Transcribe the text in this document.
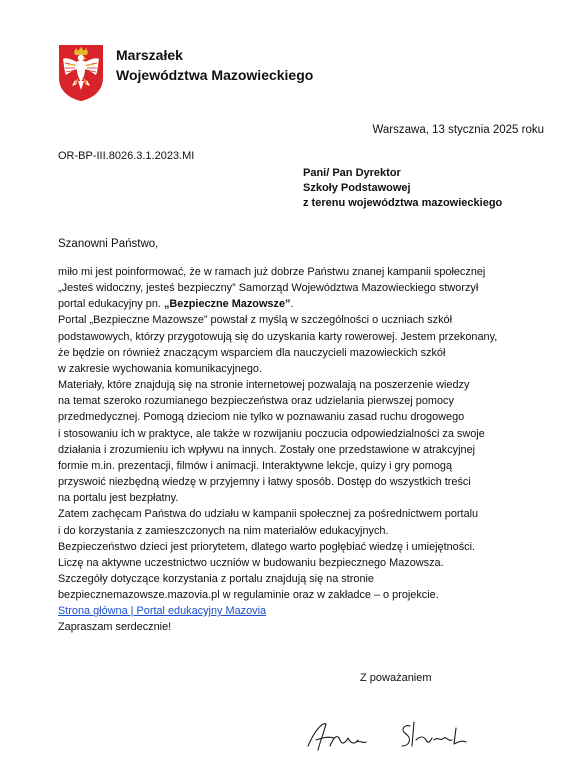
Marszałek
Województwa Mazowieckiego
Warszawa, 13 stycznia 2025 roku
OR-BP-III.8026.3.1.2023.MI
Pani/ Pan Dyrektor
Szkoły Podstawowej
z terenu województwa mazowieckiego
Szanowni Państwo,
miło mi jest poinformować, że w ramach już dobrze Państwu znanej kampanii społecznej
„Jesteś widoczny, jesteś bezpieczny” Samorząd Województwa Mazowieckiego stworzył
portal edukacyjny pn. „Bezpieczne Mazowsze”.
Portal „Bezpieczne Mazowsze” powstał z myślą w szczególności o uczniach szkół
podstawowych, którzy przygotowują się do uzyskania karty rowerowej. Jestem przekonany,
że będzie on również znaczącym wsparciem dla nauczycieli mazowieckich szkół
w zakresie wychowania komunikacyjnego.
Materiały, które znajdują się na stronie internetowej pozwalają na poszerzenie wiedzy
na temat szeroko rozumianego bezpieczeństwa oraz udzielania pierwszej pomocy
przedmedycznej. Pomogą dzieciom nie tylko w poznawaniu zasad ruchu drogowego
i stosowaniu ich w praktyce, ale także w rozwijaniu poczucia odpowiedzialności za swoje
działania i zrozumieniu ich wpływu na innych. Zostały one przedstawione w atrakcyjnej
formie m.in. prezentacji, filmów i animacji. Interaktywne lekcje, quizy i gry pomogą
przyswoić niezbędną wiedzę w przyjemny i łatwy sposób. Dostęp do wszystkich treści
na portalu jest bezpłatny.
Zatem zachęcam Państwa do udziału w kampanii społecznej za pośrednictwem portalu
i do korzystania z zamieszczonych na nim materiałów edukacyjnych.
Bezpieczeństwo dzieci jest priorytetem, dlatego warto pogłębiać wiedzę i umiejętności.
Liczę na aktywne uczestnictwo uczniów w budowaniu bezpiecznego Mazowsza.
Szczegóły dotyczące korzystania z portalu znajdują się na stronie
bezpiecznemazowsze.mazovia.pl w regulaminie oraz w zakładce – o projekcie.
Strona główna | Portal edukacyjny Mazovia
Zapraszam serdecznie!
Z poważaniem
